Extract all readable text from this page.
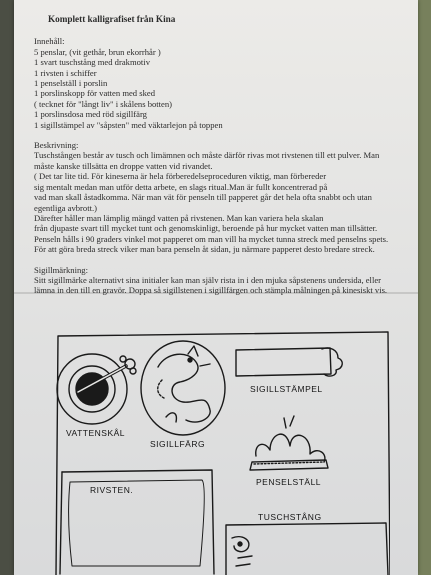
Komplett kalligrafiset från Kina
Innehåll:
5 penslar, (vit gethår, brun ekorrhår )
1 svart tuschstång med drakmotiv
1 rivsten i schiffer
1 penselställ i porslin
1 porslinskopp för vatten med sked
( tecknet för "långt liv" i skålens botten)
1 porslinsdosa med röd sigillfärg
1 sigillstämpel av "såpsten" med väktarlejon på toppen
Beskrivning:
Tuschstången består av tusch och limämnen och måste därför rivas mot rivstenen till ett pulver. Man
måste kanske tillsätta en droppe vatten vid rivandet.
( Det tar lite tid. För kineserna är hela förberedelseproceduren viktig, man förbereder
sig mentalt medan man utför detta arbete, en slags ritual.Man är fullt koncentrerad på
vad man skall åstadkomma. När man vät för penseln till papperet går det hela ofta snabbt och utan
egentliga avbrott.)
Därefter håller man lämplig mängd vatten på rivstenen. Man kan variera hela skalan
från djupaste svart till mycket tunt och genomskinligt, beroende på hur mycket vatten man tillsätter.
Penseln hålls i 90 graders vinkel mot papperet om man vill ha mycket tunna streck med penselns spets.
För att göra breda streck viker man bara penseln åt sidan, ju närmare papperet desto bredare streck.
Sigillmärkning:
Sitt sigillmärke alternativt sina initialer kan man själv rista in i den mjuka såpstenens undersida, eller
lämna in den till en gravör. Doppa så sigillstenen i sigillfärgen och stämpla målningen på kinesiskt vis.
VATTENSKÅL
SIGILLFÄRG
SIGILLSTÄMPEL
RIVSTEN.
PENSELSTÄLL
TUSCHSTÅNG
